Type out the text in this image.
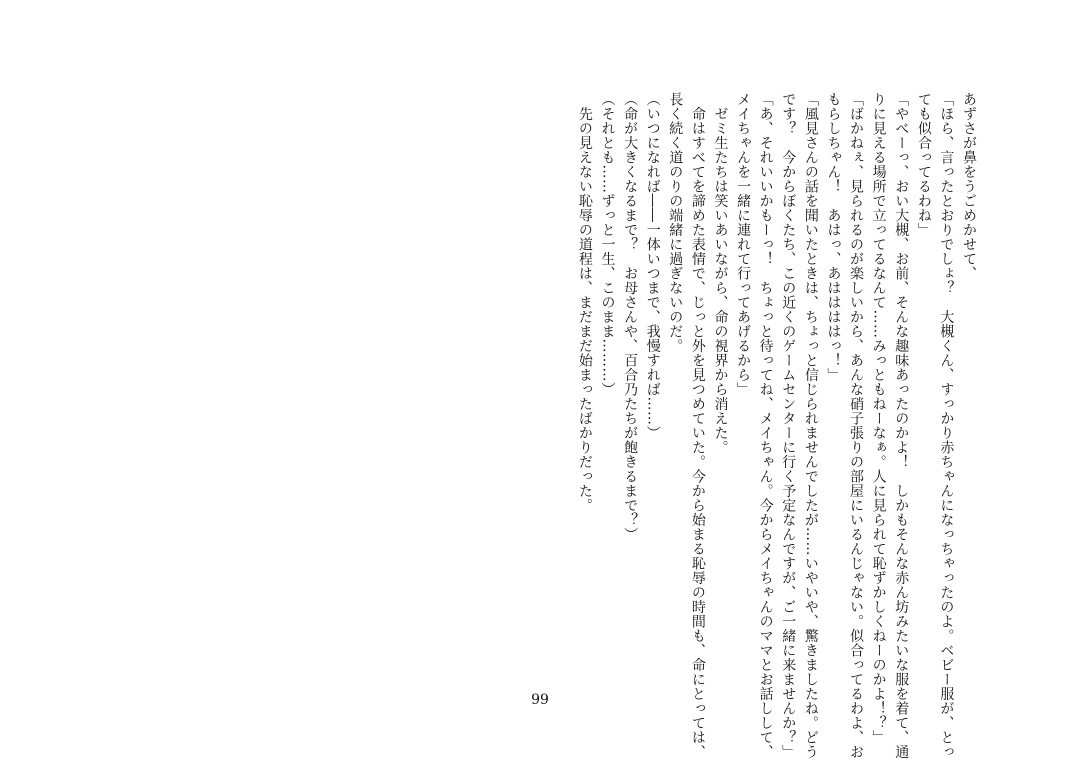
あずさが鼻をうごめかせて、
「ほら、言ったとおりでしょ？　大槻くん、すっかり赤ちゃんになっちゃったのよ。ベビー服が、とっ
ても似合ってるわね」
「やべーっ、おい大槻、お前、そんな趣味あったのかよ！　しかもそんな赤ん坊みたいな服を着て、通
りに見える場所で立ってるなんて……みっともねーなぁ。人に見られて恥ずかしくねーのかよ！？」
「ばかねぇ、見られるのが楽しいから、あんな硝子張りの部屋にいるんじゃない。似合ってるわよ、お
もらしちゃん！　あはっ、あははははっ！」
「風見さんの話を聞いたときは、ちょっと信じられませんでしたが……いやいや、驚きましたね。どう
です？　今からぼくたち、この近くのゲームセンターに行く予定なんですが、ご一緒に来ませんか？」
「あ、それいいかもーっ！　ちょっと待ってね、メイちゃん。今からメイちゃんのママとお話しして、
メイちゃんを一緒に連れて行ってあげるから」
　ゼミ生たちは笑いあいながら、命の視界から消えた。
　命はすべてを諦めた表情で、じっと外を見つめていた。今から始まる恥辱の時間も、命にとっては、
長く続く道のりの端緒に過ぎないのだ。
（いつになれば――一体いつまで、我慢すれば……）
（命が大きくなるまで？　お母さんや、百合乃たちが飽きるまで？）
（それとも……ずっと一生、このまま………）
　先の見えない恥辱の道程は、まだまだ始まったばかりだった。
99
